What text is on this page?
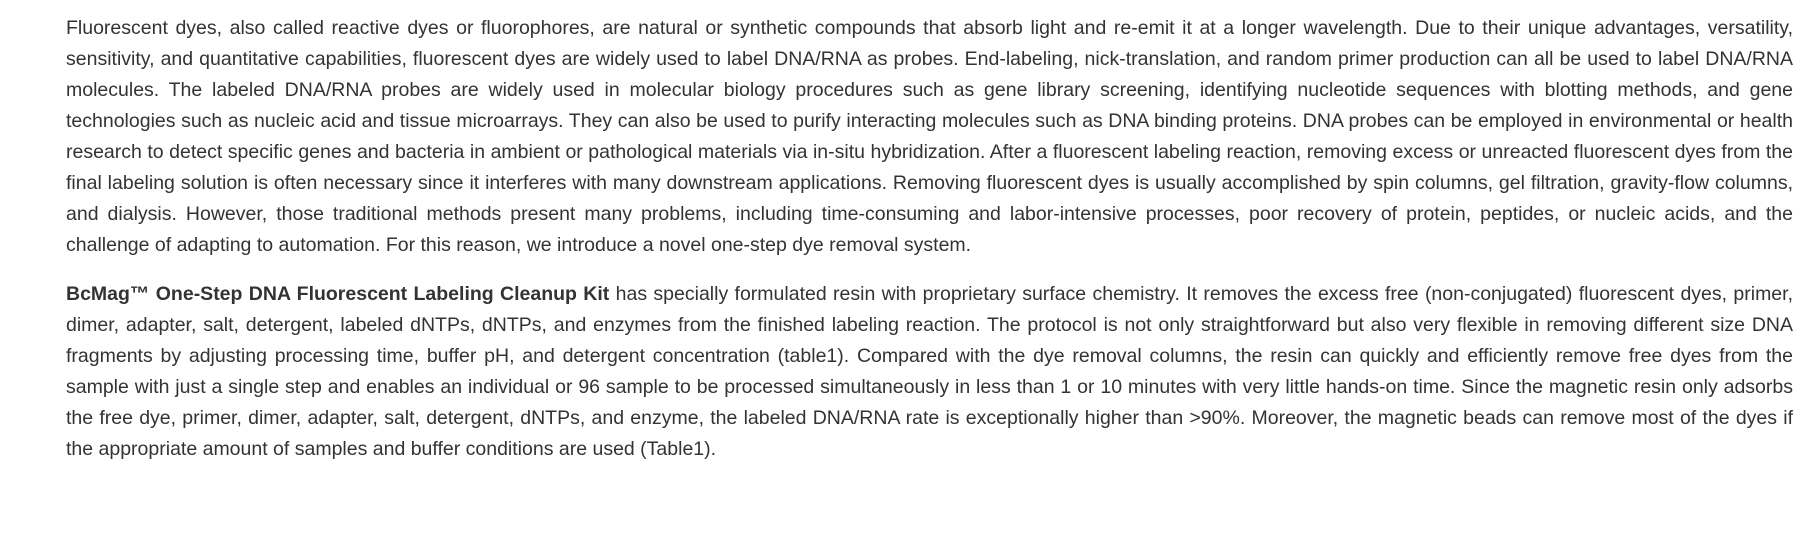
Fluorescent dyes, also called reactive dyes or fluorophores, are natural or synthetic compounds that absorb light and re-emit it at a longer wavelength. Due to their unique advantages, versatility, sensitivity, and quantitative capabilities, fluorescent dyes are widely used to label DNA/RNA as probes. End-labeling, nick-translation, and random primer production can all be used to label DNA/RNA molecules. The labeled DNA/RNA probes are widely used in molecular biology procedures such as gene library screening, identifying nucleotide sequences with blotting methods, and gene technologies such as nucleic acid and tissue microarrays. They can also be used to purify interacting molecules such as DNA binding proteins. DNA probes can be employed in environmental or health research to detect specific genes and bacteria in ambient or pathological materials via in-situ hybridization. After a fluorescent labeling reaction, removing excess or unreacted fluorescent dyes from the final labeling solution is often necessary since it interferes with many downstream applications. Removing fluorescent dyes is usually accomplished by spin columns, gel filtration, gravity-flow columns, and dialysis. However, those traditional methods present many problems, including time-consuming and labor-intensive processes, poor recovery of protein, peptides, or nucleic acids, and the challenge of adapting to automation. For this reason, we introduce a novel one-step dye removal system.

BcMag™ One-Step DNA Fluorescent Labeling Cleanup Kit has specially formulated resin with proprietary surface chemistry. It removes the excess free (non-conjugated) fluorescent dyes, primer, dimer, adapter, salt, detergent, labeled dNTPs, dNTPs, and enzymes from the finished labeling reaction. The protocol is not only straightforward but also very flexible in removing different size DNA fragments by adjusting processing time, buffer pH, and detergent concentration (table1). Compared with the dye removal columns, the resin can quickly and efficiently remove free dyes from the sample with just a single step and enables an individual or 96 sample to be processed simultaneously in less than 1 or 10 minutes with very little hands-on time. Since the magnetic resin only adsorbs the free dye, primer, dimer, adapter, salt, detergent, dNTPs, and enzyme, the labeled DNA/RNA rate is exceptionally higher than >90%. Moreover, the magnetic beads can remove most of the dyes if the appropriate amount of samples and buffer conditions are used (Table1).
